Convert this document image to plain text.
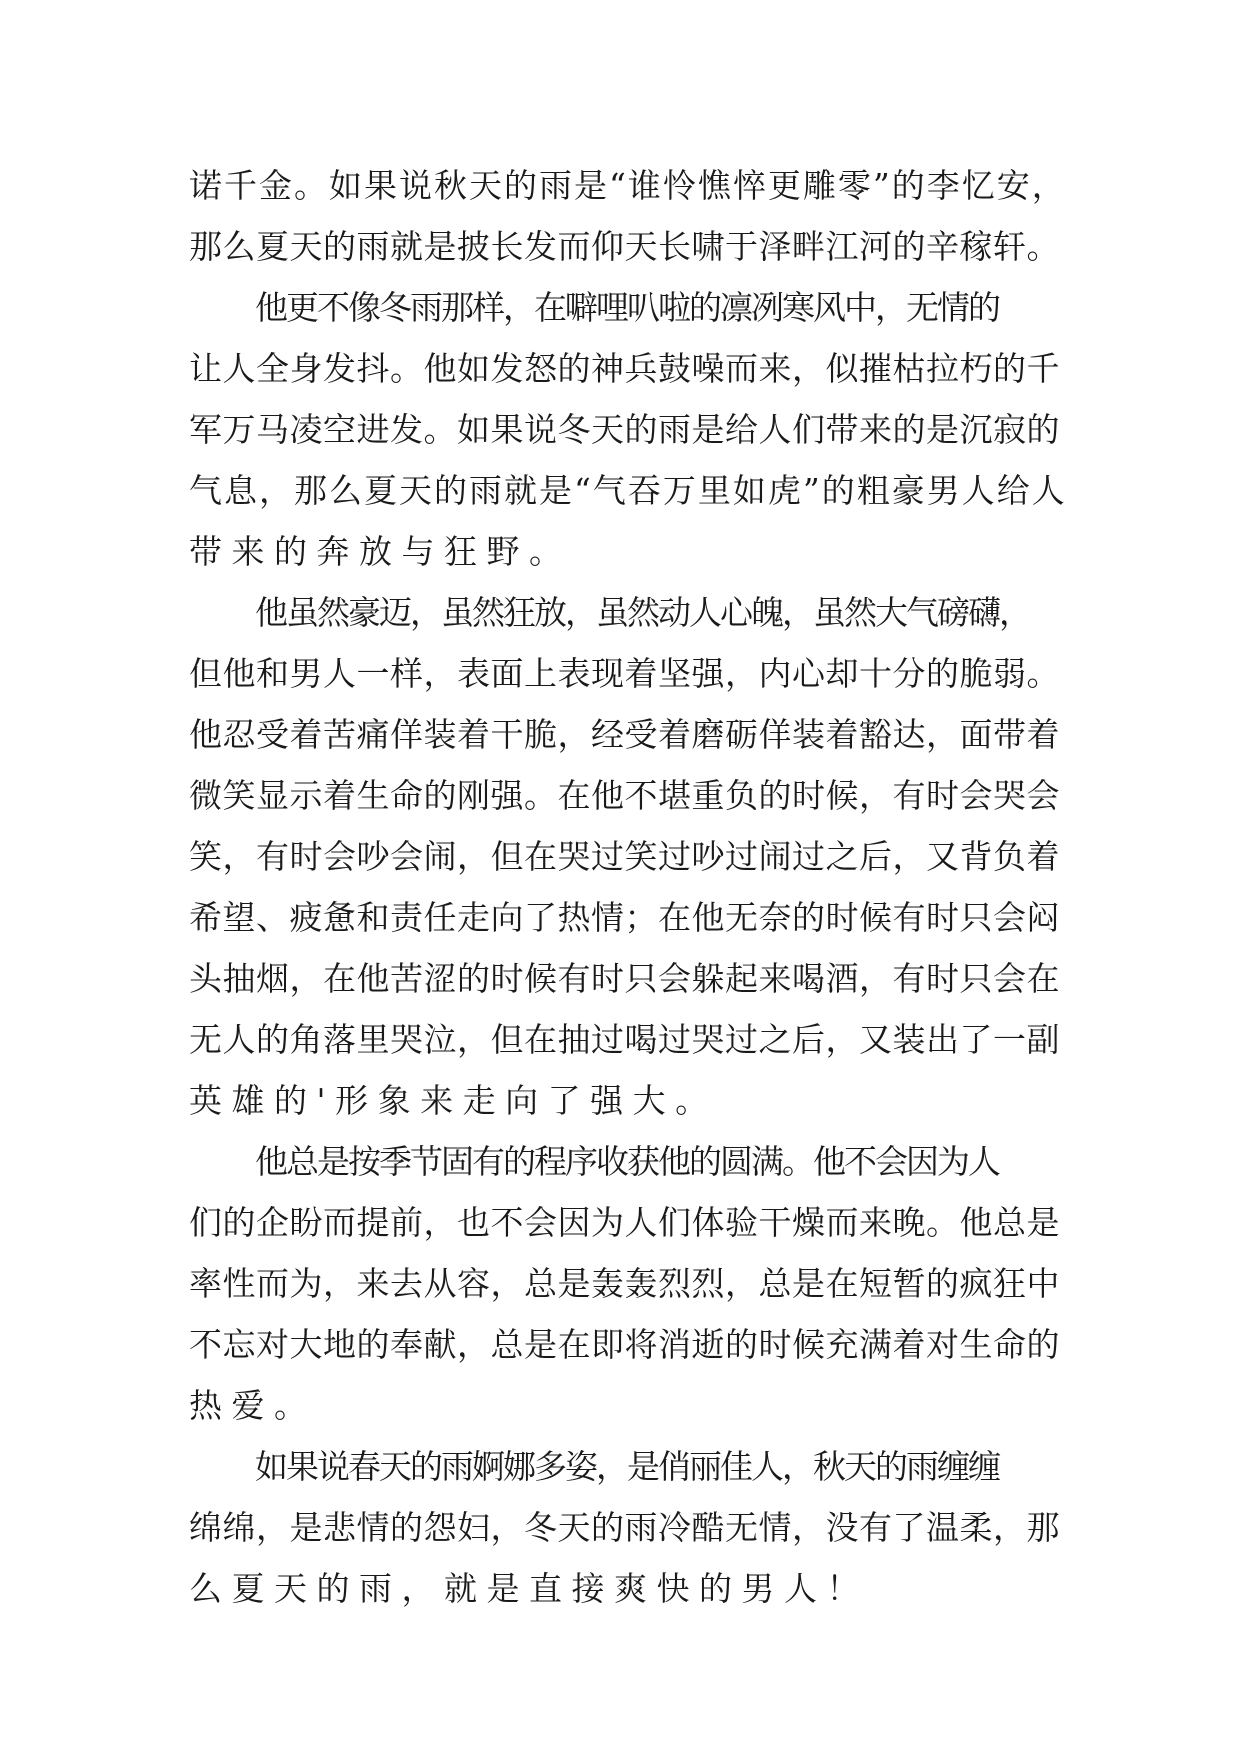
诺千金。如果说秋天的雨是“谁怜憔悴更雕零”的李忆安，
那么夏天的雨就是披长发而仰天长啸于泽畔江河的辛稼轩。

他更不像冬雨那样，在噼哩叭啦的凛冽寒风中，无情的
让人全身发抖。他如发怒的神兵鼓噪而来，似摧枯拉朽的千
军万马凌空进发。如果说冬天的雨是给人们带来的是沉寂的
气息，那么夏天的雨就是“气吞万里如虎”的粗豪男人给人
带来的奔放与狂野。

他虽然豪迈，虽然狂放，虽然动人心魄，虽然大气磅礴，
但他和男人一样，表面上表现着坚强，内心却十分的脆弱。
他忍受着苦痛佯装着干脆，经受着磨砺佯装着豁达，面带着
微笑显示着生命的刚强。在他不堪重负的时候，有时会哭会
笑，有时会吵会闹，但在哭过笑过吵过闹过之后，又背负着
希望、疲惫和责任走向了热情；在他无奈的时候有时只会闷
头抽烟，在他苦涩的时候有时只会躲起来喝酒，有时只会在
无人的角落里哭泣，但在抽过喝过哭过之后，又装出了一副
英雄的'形象来走向了强大。

他总是按季节固有的程序收获他的圆满。他不会因为人
们的企盼而提前，也不会因为人们体验干燥而来晚。他总是
率性而为，来去从容，总是轰轰烈烈，总是在短暂的疯狂中
不忘对大地的奉献，总是在即将消逝的时候充满着对生命的
热爱。

如果说春天的雨婀娜多姿，是俏丽佳人，秋天的雨缠缠
绵绵，是悲情的怨妇，冬天的雨冷酷无情，没有了温柔，那
么夏天的雨，就是直接爽快的男人！
